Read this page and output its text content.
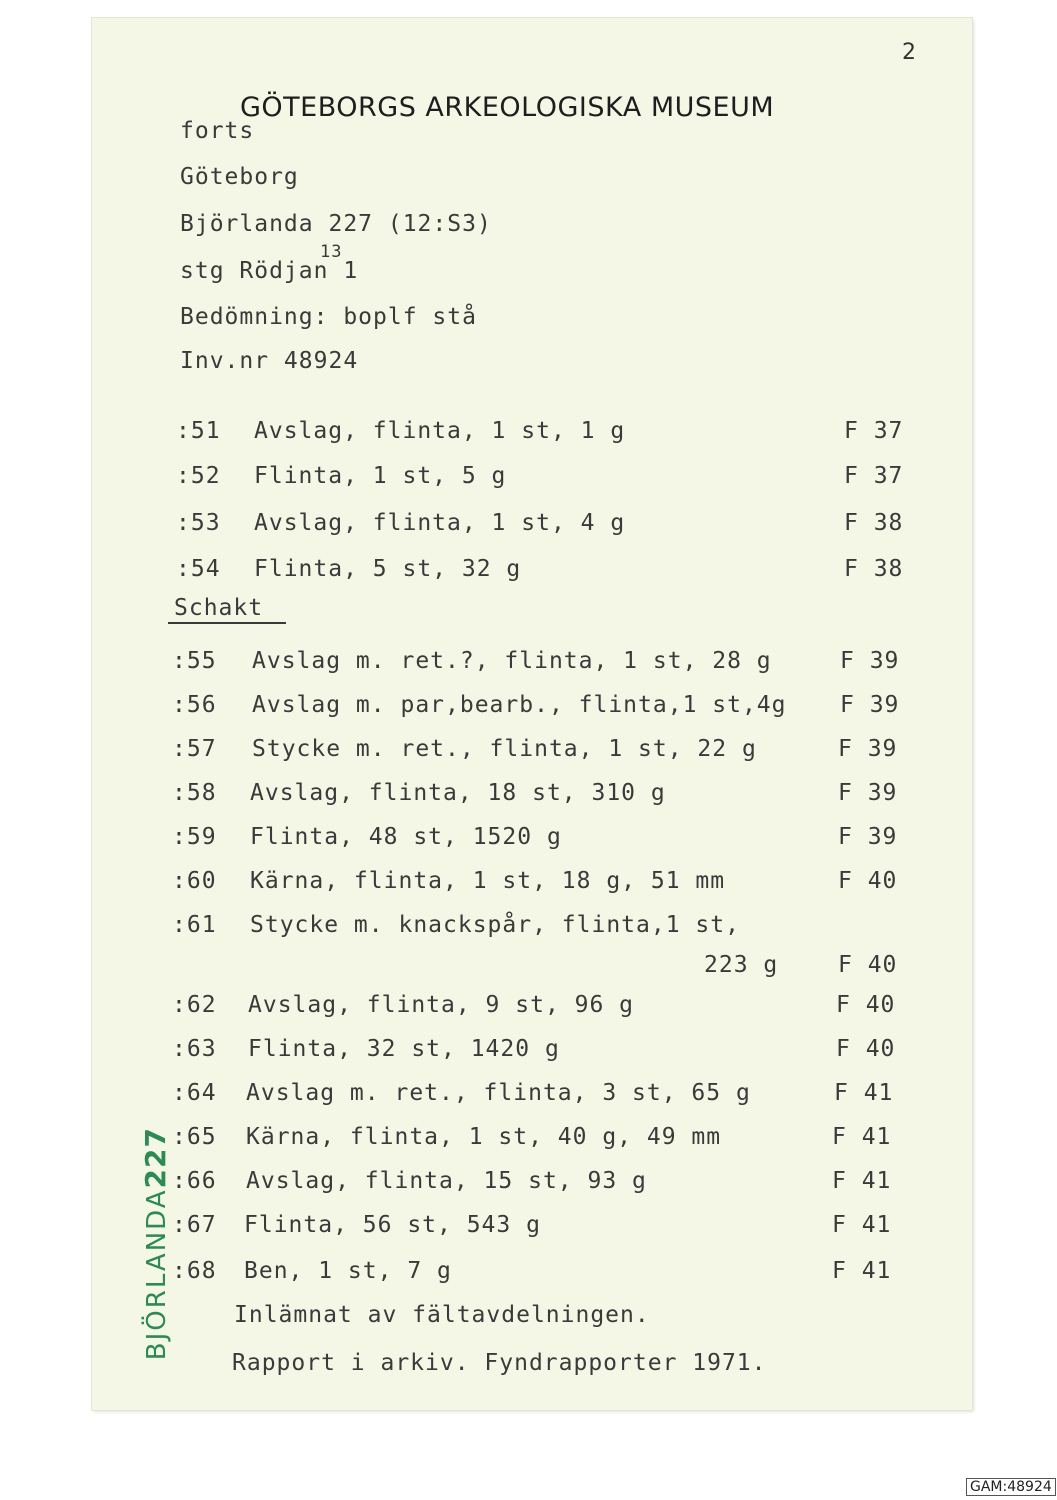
2
GÖTEBORGS ARKEOLOGISKA MUSEUM
forts
Göteborg
Björlanda 227 (12:S3)
stg Rödjan 1
13
Bedömning: boplf stå
Inv.nr 48924
:51 Avslag, flinta, 1 st, 1 g	F 37
:52 Flinta, 1 st, 5 g	F 37
:53 Avslag, flinta, 1 st, 4 g	F 38
:54 Flinta, 5 st, 32 g	F 38
Schakt
:55 Avslag m. ret.?, flinta, 1 st, 28 g	F 39
:56 Avslag m. par,bearb., flinta,1 st,4g F 39
:57 Stycke m. ret., flinta, 1 st, 22 g	F 39
:58 Avslag, flinta, 18 st, 310 g	F 39
:59 Flinta, 48 st, 1520 g	F 39
:60 Kärna, flinta, 1 st, 18 g, 51 mm	F 40
:61 Stycke m. knackspår, flinta,1 st,
223 g	F 40
:62 Avslag, flinta, 9 st, 96 g	F 40
:63 Flinta, 32 st, 1420 g	F 40
:64 Avslag m. ret., flinta, 3 st, 65 g	F 41
:65 Kärna, flinta, 1 st, 40 g, 49 mm	F 41
:66 Avslag, flinta, 15 st, 93 g	F 41
:67 Flinta, 56 st, 543 g	F 41
:68 Ben, 1 st, 7 g	F 41
Inlämnat av fältavdelningen.
Rapport i arkiv. Fyndrapporter 1971.

BJÖRLANDA227

GAM:48924
